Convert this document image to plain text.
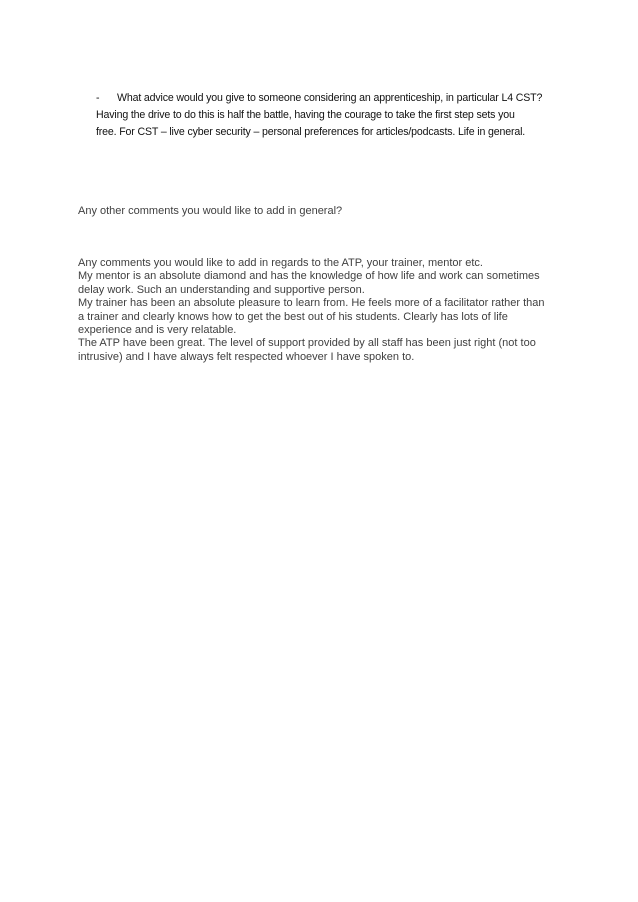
-	What advice would you give to someone considering an apprenticeship, in particular L4 CST?
Having the drive to do this is half the battle, having the courage to take the first step sets you
free. For CST – live cyber security – personal preferences for articles/podcasts. Life in general.
Any other comments you would like to add in general?
Any comments you would like to add in regards to the ATP, your trainer, mentor etc.
My mentor is an absolute diamond and has the knowledge of how life and work can sometimes
delay work. Such an understanding and supportive person.
My trainer has been an absolute pleasure to learn from. He feels more of a facilitator rather than
a trainer and clearly knows how to get the best out of his students. Clearly has lots of life
experience and is very relatable.
The ATP have been great. The level of support provided by all staff has been just right (not too
intrusive) and I have always felt respected whoever I have spoken to.
